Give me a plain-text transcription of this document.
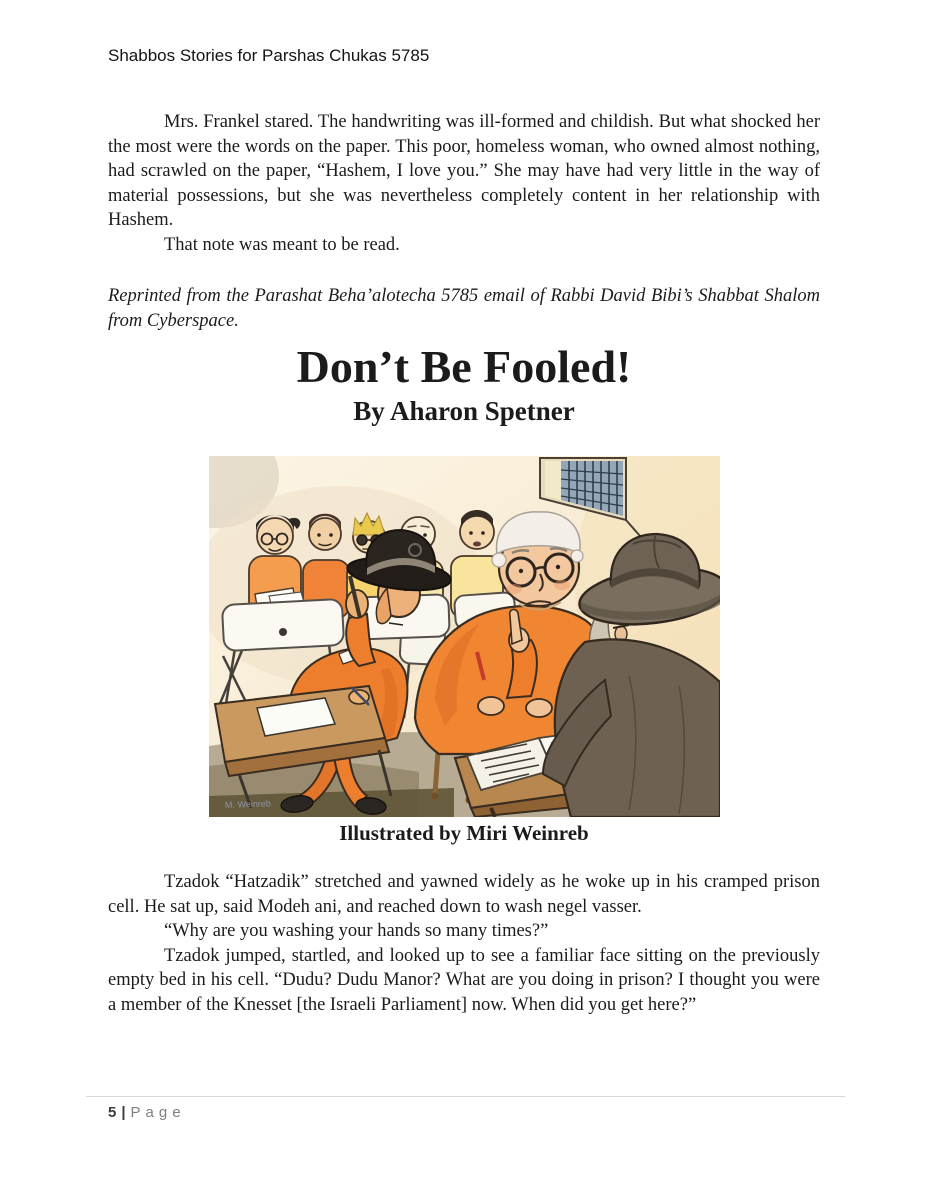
Shabbos Stories for Parshas Chukas 5785

Mrs. Frankel stared. The handwriting was ill-formed and childish. But what shocked her the most were the words on the paper. This poor, homeless woman, who owned almost nothing, had scrawled on the paper, “Hashem, I love you.” She may have had very little in the way of material possessions, but she was nevertheless completely content in her relationship with Hashem.

That note was meant to be read.

Reprinted from the Parashat Beha’alotecha 5785 email of Rabbi David Bibi’s Shabbat Shalom from Cyberspace.

Don’t Be Fooled!
By Aharon Spetner
M. Weinreb
Illustrated by Miri Weinreb

Tzadok “Hatzadik” stretched and yawned widely as he woke up in his cramped prison cell. He sat up, said Modeh ani, and reached down to wash negel vasser.

“Why are you washing your hands so many times?”

Tzadok jumped, startled, and looked up to see a familiar face sitting on the previously empty bed in his cell. “Dudu? Dudu Manor? What are you doing in prison? I thought you were a member of the Knesset [the Israeli Parliament] now. When did you get here?”

5 | Page
